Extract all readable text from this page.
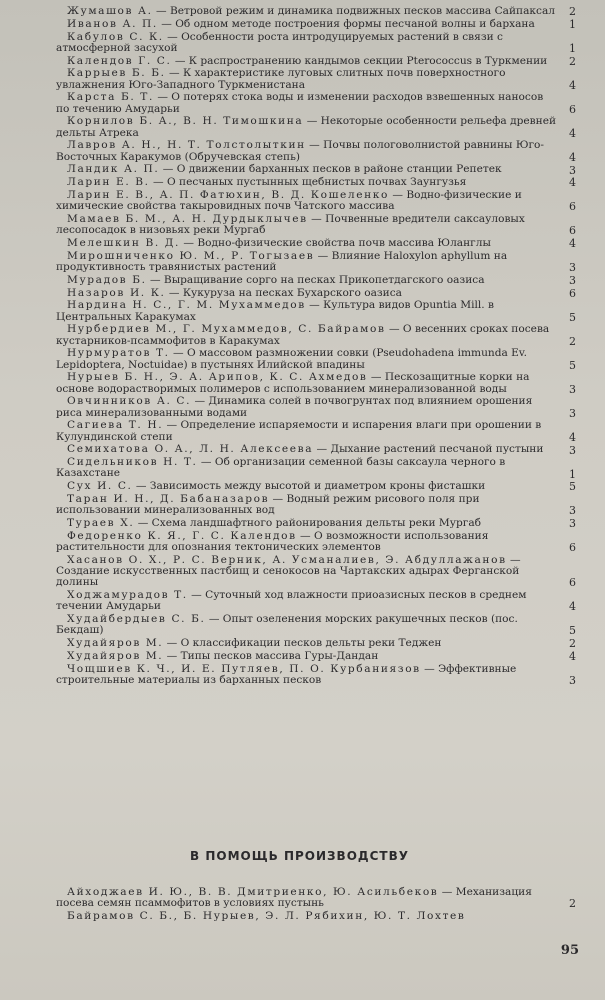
Жумашов А. — Ветровой режим и динамика подвижных песков массива Сайпаксал	2
Иванов А. П. — Об одном методе построения формы песчаной волны и бархана	1
Кабулов С. К. — Особенности роста интродуцируемых растений в связи с атмосферной засухой	1
Календов Г. С. — К распространению кандымов секции Pterococcus в Туркмении	2
Каррыев Б. Б. — К характеристике луговых слитных почв поверхностного увлажнения Юго-Западного Туркменистана	4
Карста Б. Т. — О потерях стока воды и изменении расходов взвешенных наносов по течению Амударьи	6
Корнилов Б. А., В. Н. Тимошкина — Некоторые особенности рельефа древней дельты Атрека	4
Лавров А. Н., Н. Т. Толстолыткин — Почвы пологоволнистой равнины Юго-Восточных Каракумов (Обручевская степь)	4
Ландик А. П. — О движении барханных песков в районе станции Репетек	3
Ларин Е. В. — О песчаных пустынных щебнистых почвах Заунгузья	4
Ларин Е. В., А. П. Фатюхин, В. Д. Кошеленко — Водно-физические и химические свойства такыровидных почв Чатского массива	6
Мамаев Б. М., А. Н. Дурдыклычев — Почвенные вредители саксауловых лесопосадок в низовьях реки Мургаб	6
Мелешкин В. Д. — Водно-физические свойства почв массива Юланглы	4
Мирошниченко Ю. М., Р. Тогызаев — Влияние Haloxylon aphyllum на продуктивность травянистых растений	3
Мурадов Б. — Выращивание сорго на песках Прикопетдагского оазиса	3
Назаров И. К. — Кукуруза на песках Бухарского оазиса	6
Нардина Н. С., Г. М. Мухаммедов — Культура видов Opuntia Mill. в Центральных Каракумах	5
Нурбердиев М., Г. Мухаммедов, С. Байрамов — О весенних сроках посева кустарников-псаммофитов в Каракумах	2
Нурмуратов Т. — О массовом размножении совки (Pseudohadena immunda Ev. Lepidoptera, Noctuidae) в пустынях Илийской впадины	5
Нурыев Б. Н., Э. А. Арипов, К. С. Ахмедов — Пескозащитные корки на основе водорастворимых полимеров с использованием минерализованной воды	3
Овчинников А. С. — Динамика солей в почвогрунтах под влиянием орошения риса минерализованными водами	3
Сагиева Т. Н. — Определение испаряемости и испарения влаги при орошении в Кулундинской степи	4
Семихатова О. А., Л. Н. Алексеева — Дыхание растений песчаной пустыни	3
Сидельников Н. Т. — Об организации семенной базы саксаула черного в Казахстане	1
Сух И. С. — Зависимость между высотой и диаметром кроны фисташки	5
Таран И. Н., Д. Бабаназаров — Водный режим рисового поля при использовании минерализованных вод	3
Тураев Х. — Схема ландшафтного районирования дельты реки Мургаб	3
Федоренко К. Я., Г. С. Календов — О возможности использования растительности для опознания тектонических элементов	6
Хасанов О. Х., Р. С. Верник, А. Усманалиев, Э. Абдуллажанов — Создание искусственных пастбищ и сенокосов на Чартакских адырах Ферганской долины	6
Ходжамурадов Т. — Суточный ход влажности приоазисных песков в среднем течении Амударьи	4
Худайбердыев С. Б. — Опыт озеленения морских ракушечных песков (пос. Бекдаш)	5
Худайяров М. — О классификации песков дельты реки Теджен	2
Худайяров М. — Типы песков массива Гуры-Дандан	4
Чощшиев К. Ч., И. Е. Путляев, П. О. Курбаниязов — Эффективные строительные материалы из барханных песков	3
В ПОМОЩЬ ПРОИЗВОДСТВУ
Айходжаев И. Ю., В. В. Дмитриенко, Ю. Асильбеков — Механизация посева семян псаммофитов в условиях пустынь	2
Байрамов С. Б., Б. Нурыев, Э. Л. Рябихин, Ю. Т. Лохтев
95
